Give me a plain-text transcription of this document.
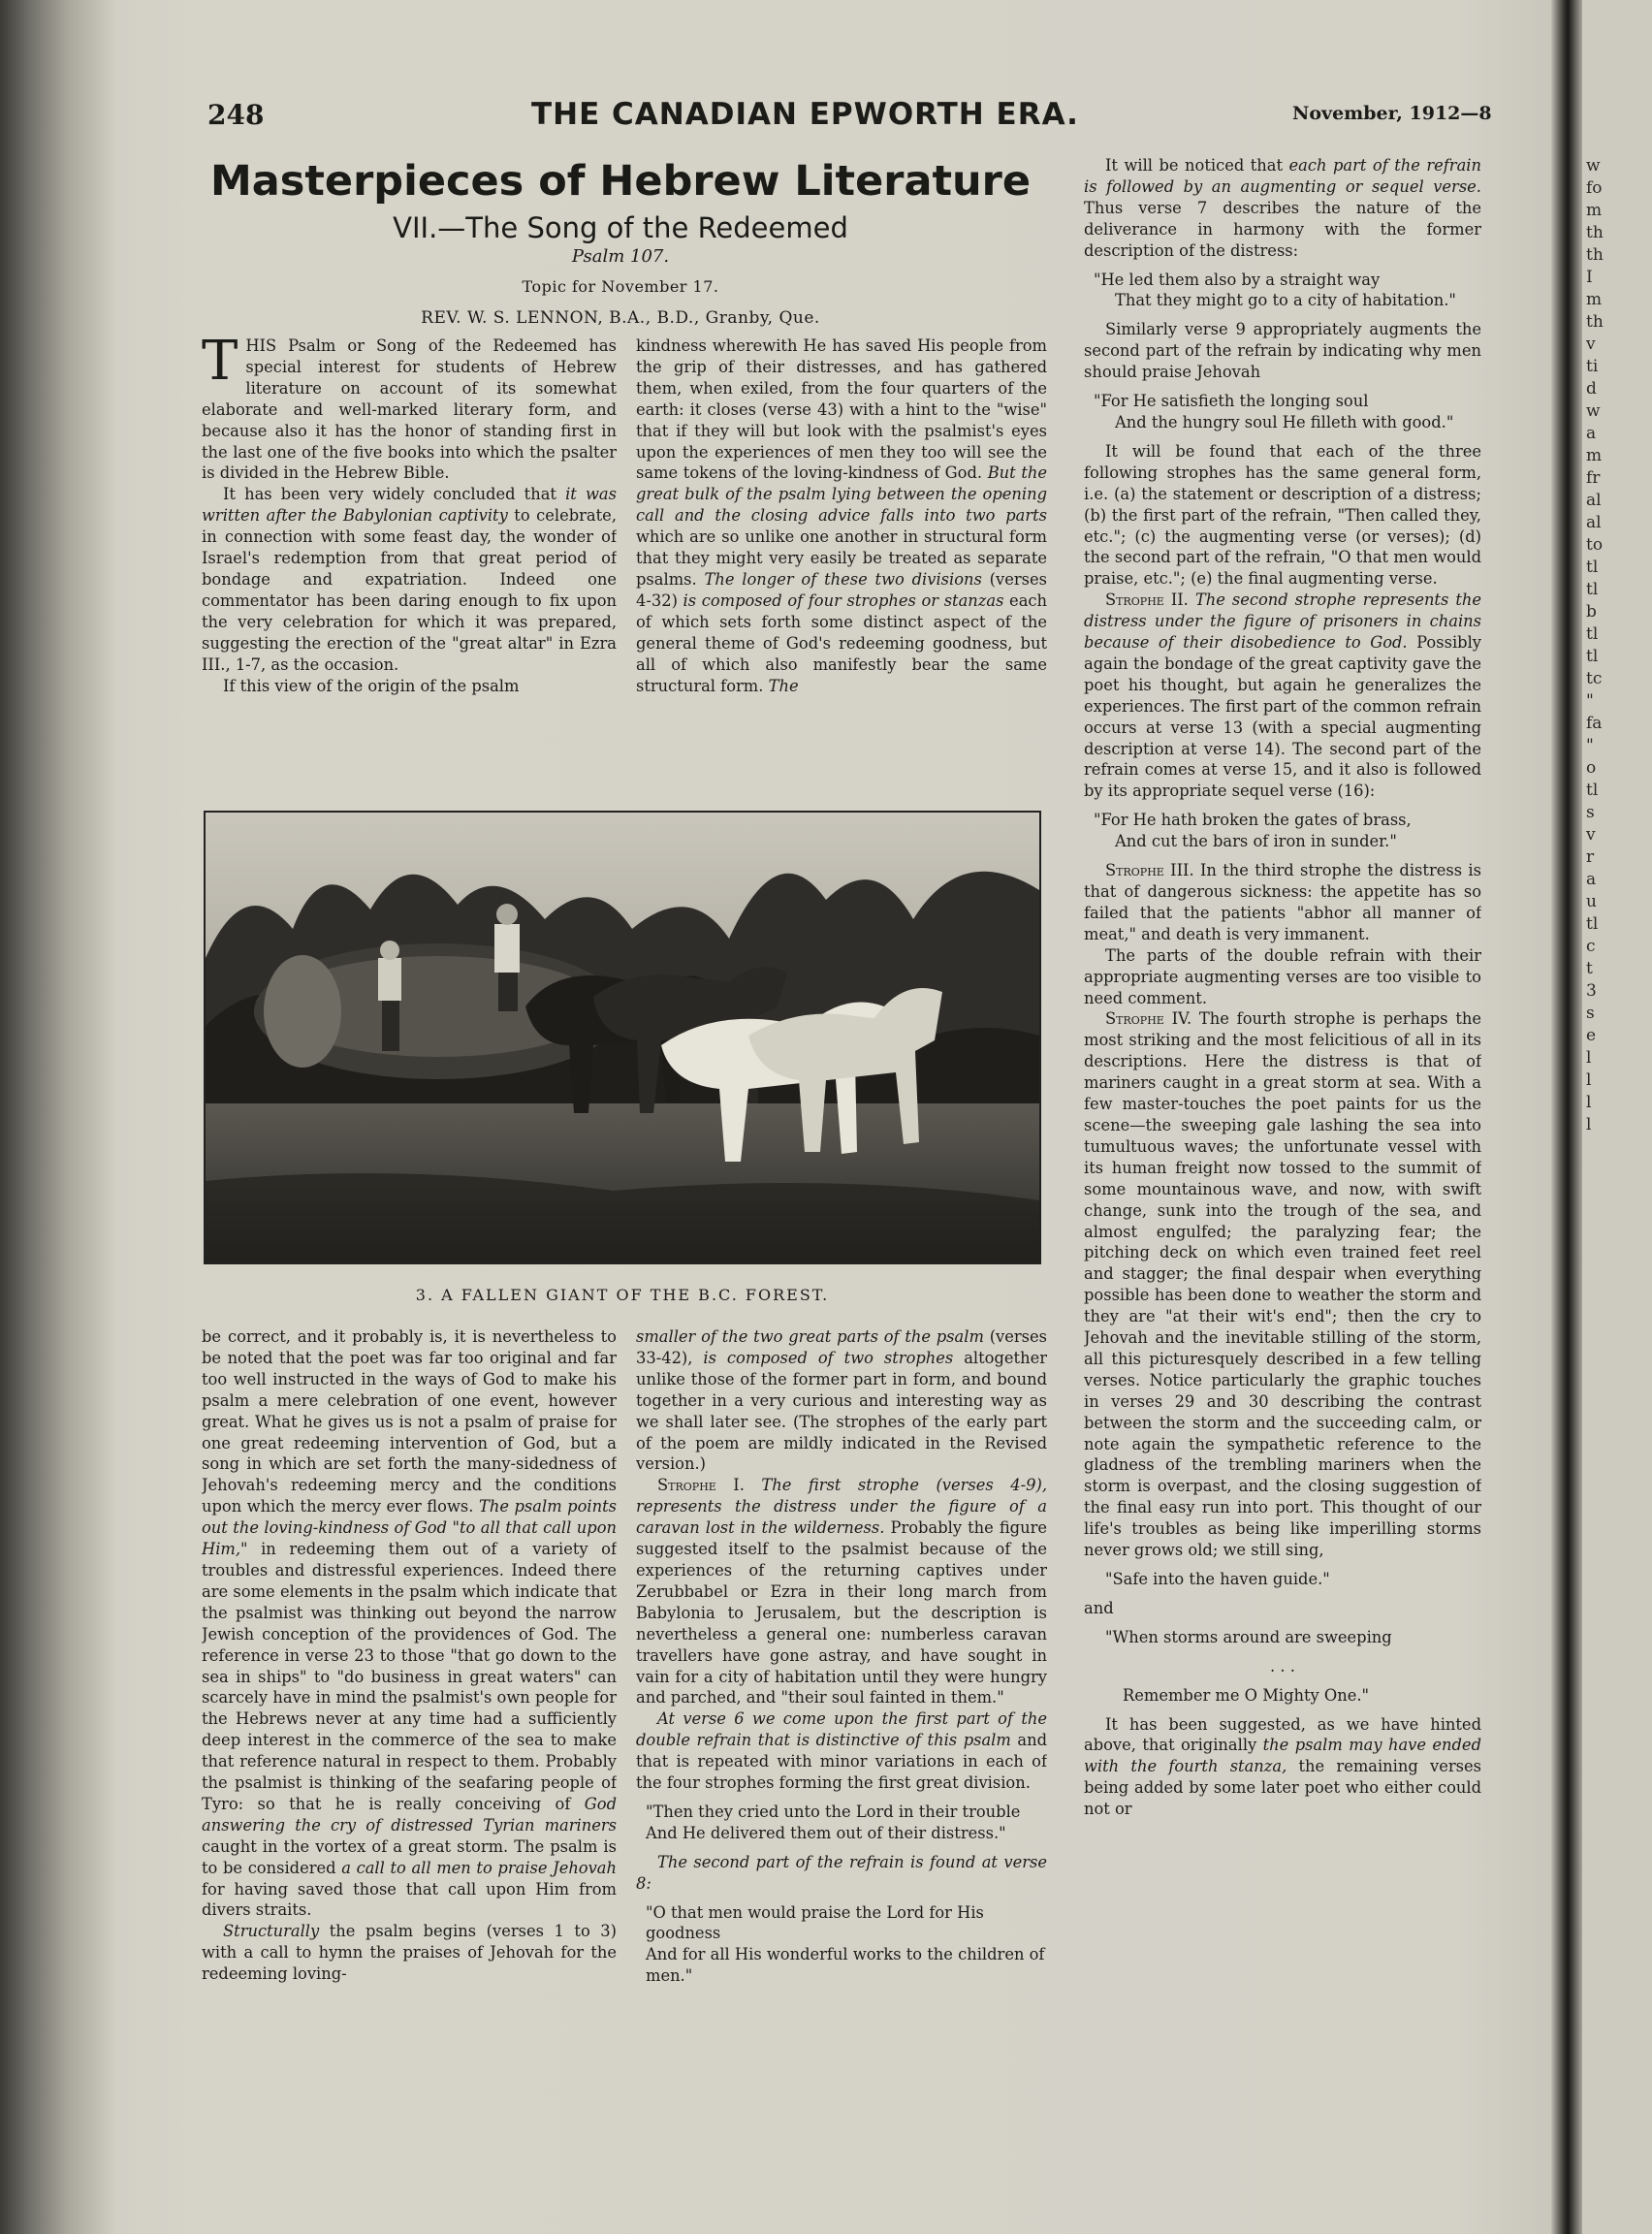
248	THE CANADIAN EPWORTH ERA.	November, 1912—8
Masterpieces of Hebrew Literature
VII.—The Song of the Redeemed
Psalm 107.
Topic for November 17.
REV. W. S. LENNON, B.A., B.D., Granby, Que.
T HIS Psalm or Song of the Redeemed has special interest for students of Hebrew literature on account of its somewhat elaborate and well-marked literary form, and because also it has the honor of standing first in the last one of the five books into which the psalter is divided in the Hebrew Bible.

It has been very widely concluded that it was written after the Babylonian captivity to celebrate, in connection with some feast day, the wonder of Israel's redemption from that great period of bondage and expatriation. Indeed one commentator has been daring enough to fix upon the very celebration for which it was prepared, suggesting the erection of the "great altar" in Ezra III., 1-7, as the occasion.

If this view of the origin of the psalm

kindness wherewith He has saved His people from the grip of their distresses, and has gathered them, when exiled, from the four quarters of the earth: it closes (verse 43) with a hint to the "wise" that if they will but look with the psalmist's eyes upon the experiences of men they too will see the same tokens of the loving-kindness of God. But the great bulk of the psalm lying between the opening call and the closing advice falls into two parts which are so unlike one another in structural form that they might very easily be treated as separate psalms. The longer of these two divisions (verses 4-32) is composed of four strophes or stanzas each of which sets forth some distinct aspect of the general theme of God's redeeming goodness, but all of which also manifestly bear the same structural form. The

3. A FALLEN GIANT OF THE B.C. FOREST.

be correct, and it probably is, it is nevertheless to be noted that the poet was far too original and far too well instructed in the ways of God to make his psalm a mere celebration of one event, however great. What he gives us is not a psalm of praise for one great redeeming intervention of God, but a song in which are set forth the many-sidedness of Jehovah's redeeming mercy and the conditions upon which the mercy ever flows. The psalm points out the loving-kindness of God "to all that call upon Him," in redeeming them out of a variety of troubles and distressful experiences. Indeed there are some elements in the psalm which indicate that the psalmist was thinking out beyond the narrow Jewish conception of the providences of God. The reference in verse 23 to those "that go down to the sea in ships" to "do business in great waters" can scarcely have in mind the psalmist's own people for the Hebrews never at any time had a sufficiently deep interest in the commerce of the sea to make that reference natural in respect to them. Probably the psalmist is thinking of the seafaring people of Tyro: so that he is really conceiving of God answering the cry of distressed Tyrian mariners caught in the vortex of a great storm. The psalm is to be considered a call to all men to praise Jehovah for having saved those that call upon Him from divers straits.

Structurally the psalm begins (verses 1 to 3) with a call to hymn the praises of Jehovah for the redeeming loving-

smaller of the two great parts of the psalm (verses 33-42), is composed of two strophes altogether unlike those of the former part in form, and bound together in a very curious and interesting way as we shall later see. (The strophes of the early part of the poem are mildly indicated in the Revised version.)

Strophe I. The first strophe (verses 4-9), represents the distress under the figure of a caravan lost in the wilderness. Probably the figure suggested itself to the psalmist because of the experiences of the returning captives under Zerubbabel or Ezra in their long march from Babylonia to Jerusalem, but the description is nevertheless a general one: numberless caravan travellers have gone astray, and have sought in vain for a city of habitation until they were hungry and parched, and "their soul fainted in them."

At verse 6 we come upon the first part of the double refrain that is distinctive of this psalm and that is repeated with minor variations in each of the four strophes forming the first great division.

"Then they cried unto the Lord in their trouble
And He delivered them out of their distress."

The second part of the refrain is found at verse 8:

"O that men would praise the Lord for His goodness
And for all His wonderful works to the children of men."

It will be noticed that each part of the refrain is followed by an augmenting or sequel verse. Thus verse 7 describes the nature of the deliverance in harmony with the former description of the distress:

"He led them also by a straight way
That they might go to a city of habitation."

Similarly verse 9 appropriately augments the second part of the refrain by indicating why men should praise Jehovah

"For He satisfieth the longing soul
And the hungry soul He filleth with good."

It will be found that each of the three following strophes has the same general form, i.e. (a) the statement or description of a distress; (b) the first part of the refrain, "Then called they, etc."; (c) the augmenting verse (or verses); (d) the second part of the refrain, "O that men would praise, etc."; (e) the final augmenting verse.

Strophe II. The second strophe represents the distress under the figure of prisoners in chains because of their disobedience to God. Possibly again the bondage of the great captivity gave the poet his thought, but again he generalizes the experiences. The first part of the common refrain occurs at verse 13 (with a special augmenting description at verse 14). The second part of the refrain comes at verse 15, and it also is followed by its appropriate sequel verse (16):

"For He hath broken the gates of brass,
And cut the bars of iron in sunder."

Strophe III. In the third strophe the distress is that of dangerous sickness: the appetite has so failed that the patients "abhor all manner of meat," and death is very immanent.

The parts of the double refrain with their appropriate augmenting verses are too visible to need comment.

Strophe IV. The fourth strophe is perhaps the most striking and the most felicitious of all in its descriptions. Here the distress is that of mariners caught in a great storm at sea. With a few master-touches the poet paints for us the scene—the sweeping gale lashing the sea into tumultuous waves; the unfortunate vessel with its human freight now tossed to the summit of some mountainous wave, and now, with swift change, sunk into the trough of the sea, and almost engulfed; the paralyzing fear; the pitching deck on which even trained feet reel and stagger; the final despair when everything possible has been done to weather the storm and they are "at their wit's end"; then the cry to Jehovah and the inevitable stilling of the storm, all this picturesquely described in a few telling verses. Notice particularly the graphic touches in verses 29 and 30 describing the contrast between the storm and the succeeding calm, or note again the sympathetic reference to the gladness of the trembling mariners when the storm is overpast, and the closing suggestion of the final easy run into port. This thought of our life's troubles as being like imperilling storms never grows old; we still sing,

"Safe into the haven guide."

and

"When storms around are sweeping
. . .
Remember me O Mighty One."

It has been suggested, as we have hinted above, that originally the psalm may have ended with the fourth stanza, the remaining verses being added by some later poet who either could not or

w
fo
m
th
th
I
m
th
v
ti
d
w
a
m
fr
al
al
to
tl
tl
b
tl
tl
tc
"
fa
"
o
tl
s
v
r
a
u
tl
c
t
3
s
e
l
l
l
l
